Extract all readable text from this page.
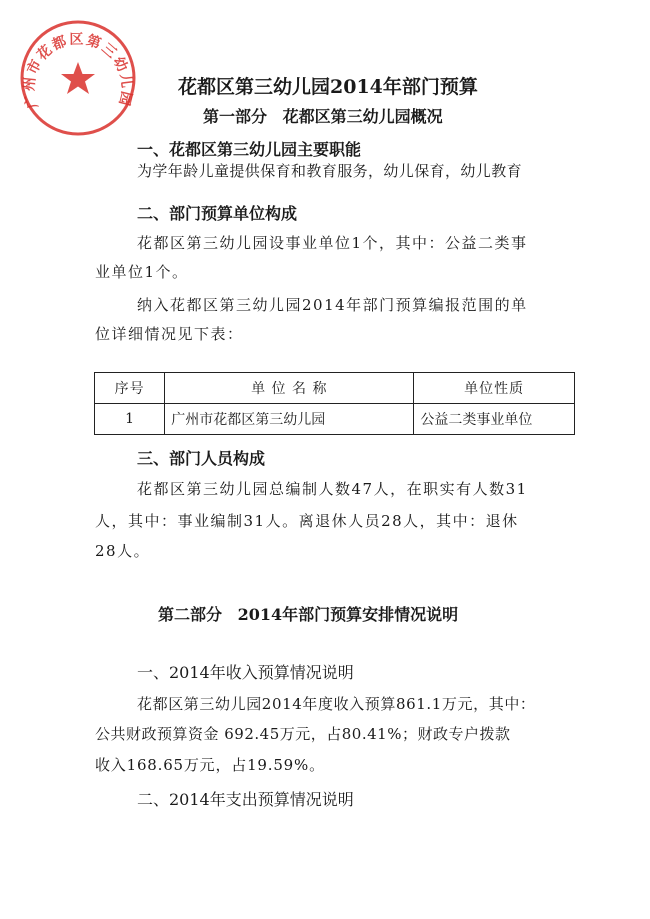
广州市花都区第三幼儿园
花都区第三幼儿园2014年部门预算
第一部分 花都区第三幼儿园概况
一、花都区第三幼儿园主要职能
为学年龄儿童提供保育和教育服务，幼儿保育，幼儿教育
二、部门预算单位构成
花都区第三幼儿园设事业单位1个，其中：公益二类事
业单位1个。
纳入花都区第三幼儿园2014年部门预算编报范围的单
位详细情况见下表：
序号	单 位 名 称	单位性质
1	广州市花都区第三幼儿园	公益二类事业单位
三、部门人员构成
花都区第三幼儿园总编制人数47人，在职实有人数31
人，其中：事业编制31人。离退休人员28人，其中：退休
28人。
第二部分 2014年部门预算安排情况说明
一、2014年收入预算情况说明
花都区第三幼儿园2014年度收入预算861.1万元，其中：
公共财政预算资金 692.45万元，占80.41%；财政专户拨款
收入168.65万元，占19.59%。
二、2014年支出预算情况说明
